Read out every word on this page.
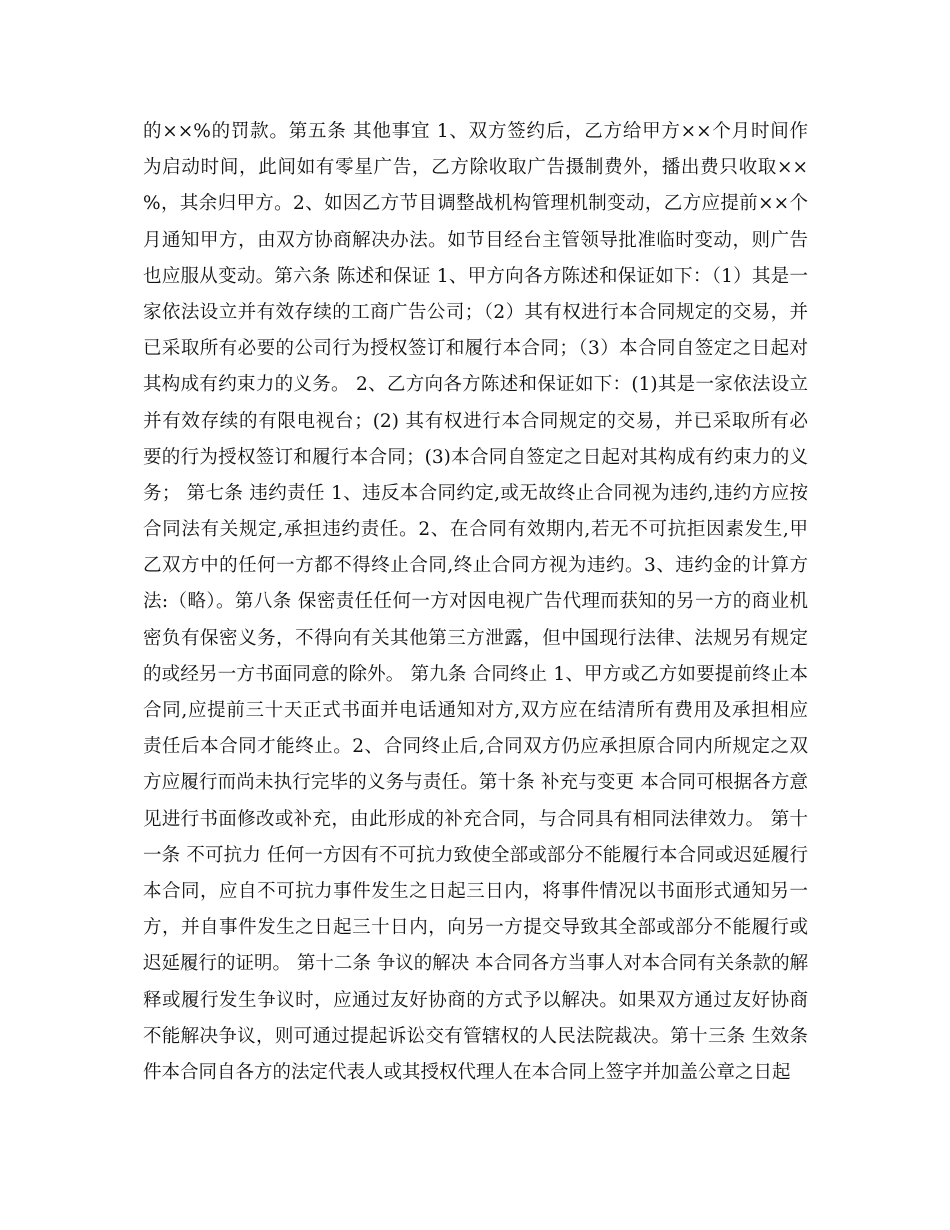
的××%的罚款。第五条 其他事宜 1、双方签约后，乙方给甲方××个月时间作
为启动时间，此间如有零星广告，乙方除收取广告摄制费外，播出费只收取××
%，其余归甲方。2、如因乙方节目调整战机构管理机制变动，乙方应提前××个
月通知甲方，由双方协商解决办法。如节目经台主管领导批准临时变动，则广告
也应服从变动。第六条 陈述和保证 1、甲方向各方陈述和保证如下：（1）其是一
家依法设立并有效存续的工商广告公司；（2）其有权进行本合同规定的交易，并
已采取所有必要的公司行为授权签订和履行本合同；（3）本合同自签定之日起对
其构成有约束力的义务。 2、乙方向各方陈述和保证如下：(1)其是一家依法设立
并有效存续的有限电视台；(2) 其有权进行本合同规定的交易，并已采取所有必
要的行为授权签订和履行本合同；(3)本合同自签定之日起对其构成有约束力的义
务； 第七条 违约责任 1、违反本合同约定,或无故终止合同视为违约,违约方应按
合同法有关规定,承担违约责任。2、在合同有效期内,若无不可抗拒因素发生,甲
乙双方中的任何一方都不得终止合同,终止合同方视为违约。3、违约金的计算方
法:（略）。第八条 保密责任任何一方对因电视广告代理而获知的另一方的商业机
密负有保密义务，不得向有关其他第三方泄露，但中国现行法律、法规另有规定
的或经另一方书面同意的除外。 第九条 合同终止 1、甲方或乙方如要提前终止本
合同,应提前三十天正式书面并电话通知对方,双方应在结清所有费用及承担相应
责任后本合同才能终止。2、合同终止后,合同双方仍应承担原合同内所规定之双
方应履行而尚未执行完毕的义务与责任。第十条 补充与变更 本合同可根据各方意
见进行书面修改或补充，由此形成的补充合同，与合同具有相同法律效力。 第十
一条 不可抗力 任何一方因有不可抗力致使全部或部分不能履行本合同或迟延履行
本合同，应自不可抗力事件发生之日起三日内，将事件情况以书面形式通知另一
方，并自事件发生之日起三十日内，向另一方提交导致其全部或部分不能履行或
迟延履行的证明。 第十二条 争议的解决 本合同各方当事人对本合同有关条款的解
释或履行发生争议时，应通过友好协商的方式予以解决。如果双方通过友好协商
不能解决争议，则可通过提起诉讼交有管辖权的人民法院裁决。第十三条 生效条
件本合同自各方的法定代表人或其授权代理人在本合同上签字并加盖公章之日起
